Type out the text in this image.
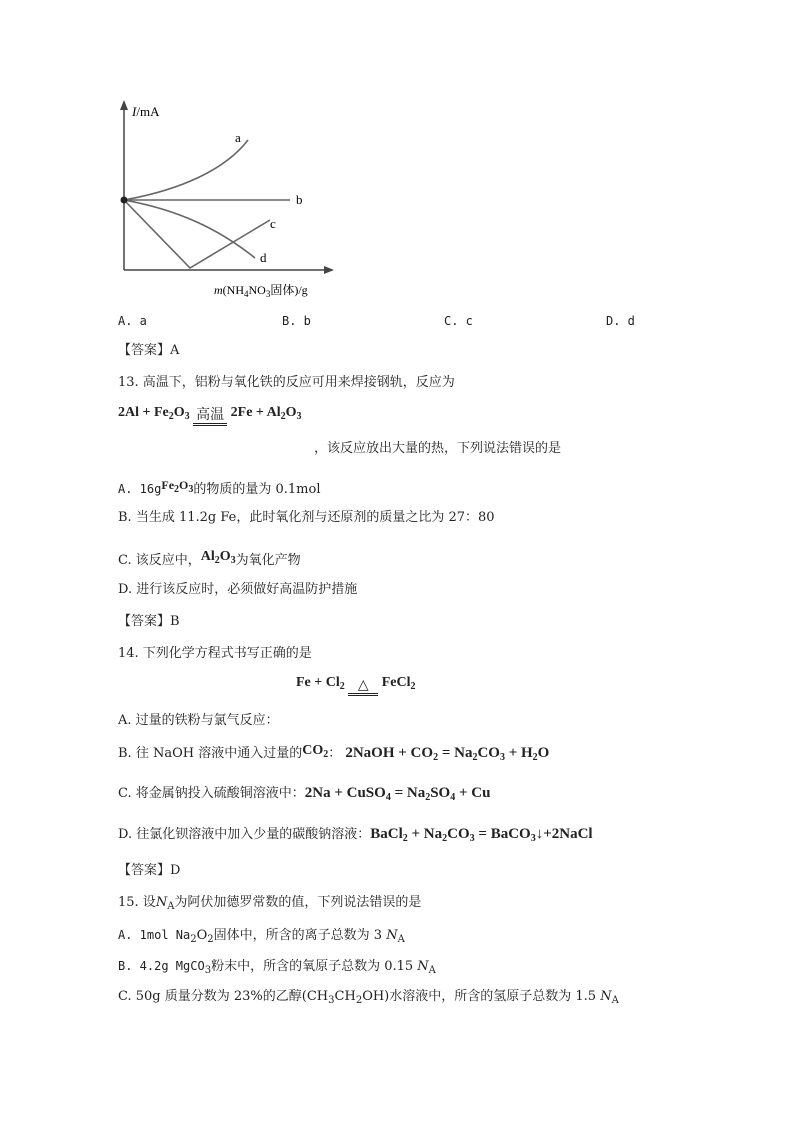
I/mA
$m(NH_4NO_3$固体)/g
a
b
c
d
A. a	B. b	C. c	D. d
【答案】A
13. 高温下，铝粉与氧化铁的反应可用来焊接钢轨，反应为
$2Al + Fe_2O_3$ 高温 $2Fe + Al_2O_3$
，该反应放出大量的热，下列说法错误的是
A. $16gFe_2O_3$的物质的量为 0.1mol
B. 当生成 11.2g Fe，此时氧化剂与还原剂的质量之比为 27：80
C. 该反应中，$Al_2O_3$为氧化产物
D. 进行该反应时，必须做好高温防护措施
【答案】B
14. 下列化学方程式书写正确的是
$Fe + Cl_2$ △ FeCl$_2$
A. 过量的铁粉与氯气反应：
B. 往 NaOH 溶液中通入过量的$CO_2$： 2NaOH + $CO_2 = Na_2CO_3 + H_2O$
C. 将金属钠投入硫酸铜溶液中：2Na + CuSO$_4$ = $Na_2SO_4 + Cu$
D. 往氯化钡溶液中加入少量的碳酸钠溶液：BaCl$_2$ + $Na_2CO_3$ = BaCO$_3$↓+2NaCl
【答案】D
15. 设$N_A$为阿伏加德罗常数的值，下列说法错误的是
A. 1mol $Na_2O_2$固体中，所含的离子总数为 3 $N_A$
B. 4.2g MgCO$_3$粉末中，所含的氧原子总数为 0.15 $N_A$
C. 50g 质量分数为 23%的乙醇$(CH_3CH_2OH)$水溶液中，所含的氢原子总数为 1.5 $N_A$
